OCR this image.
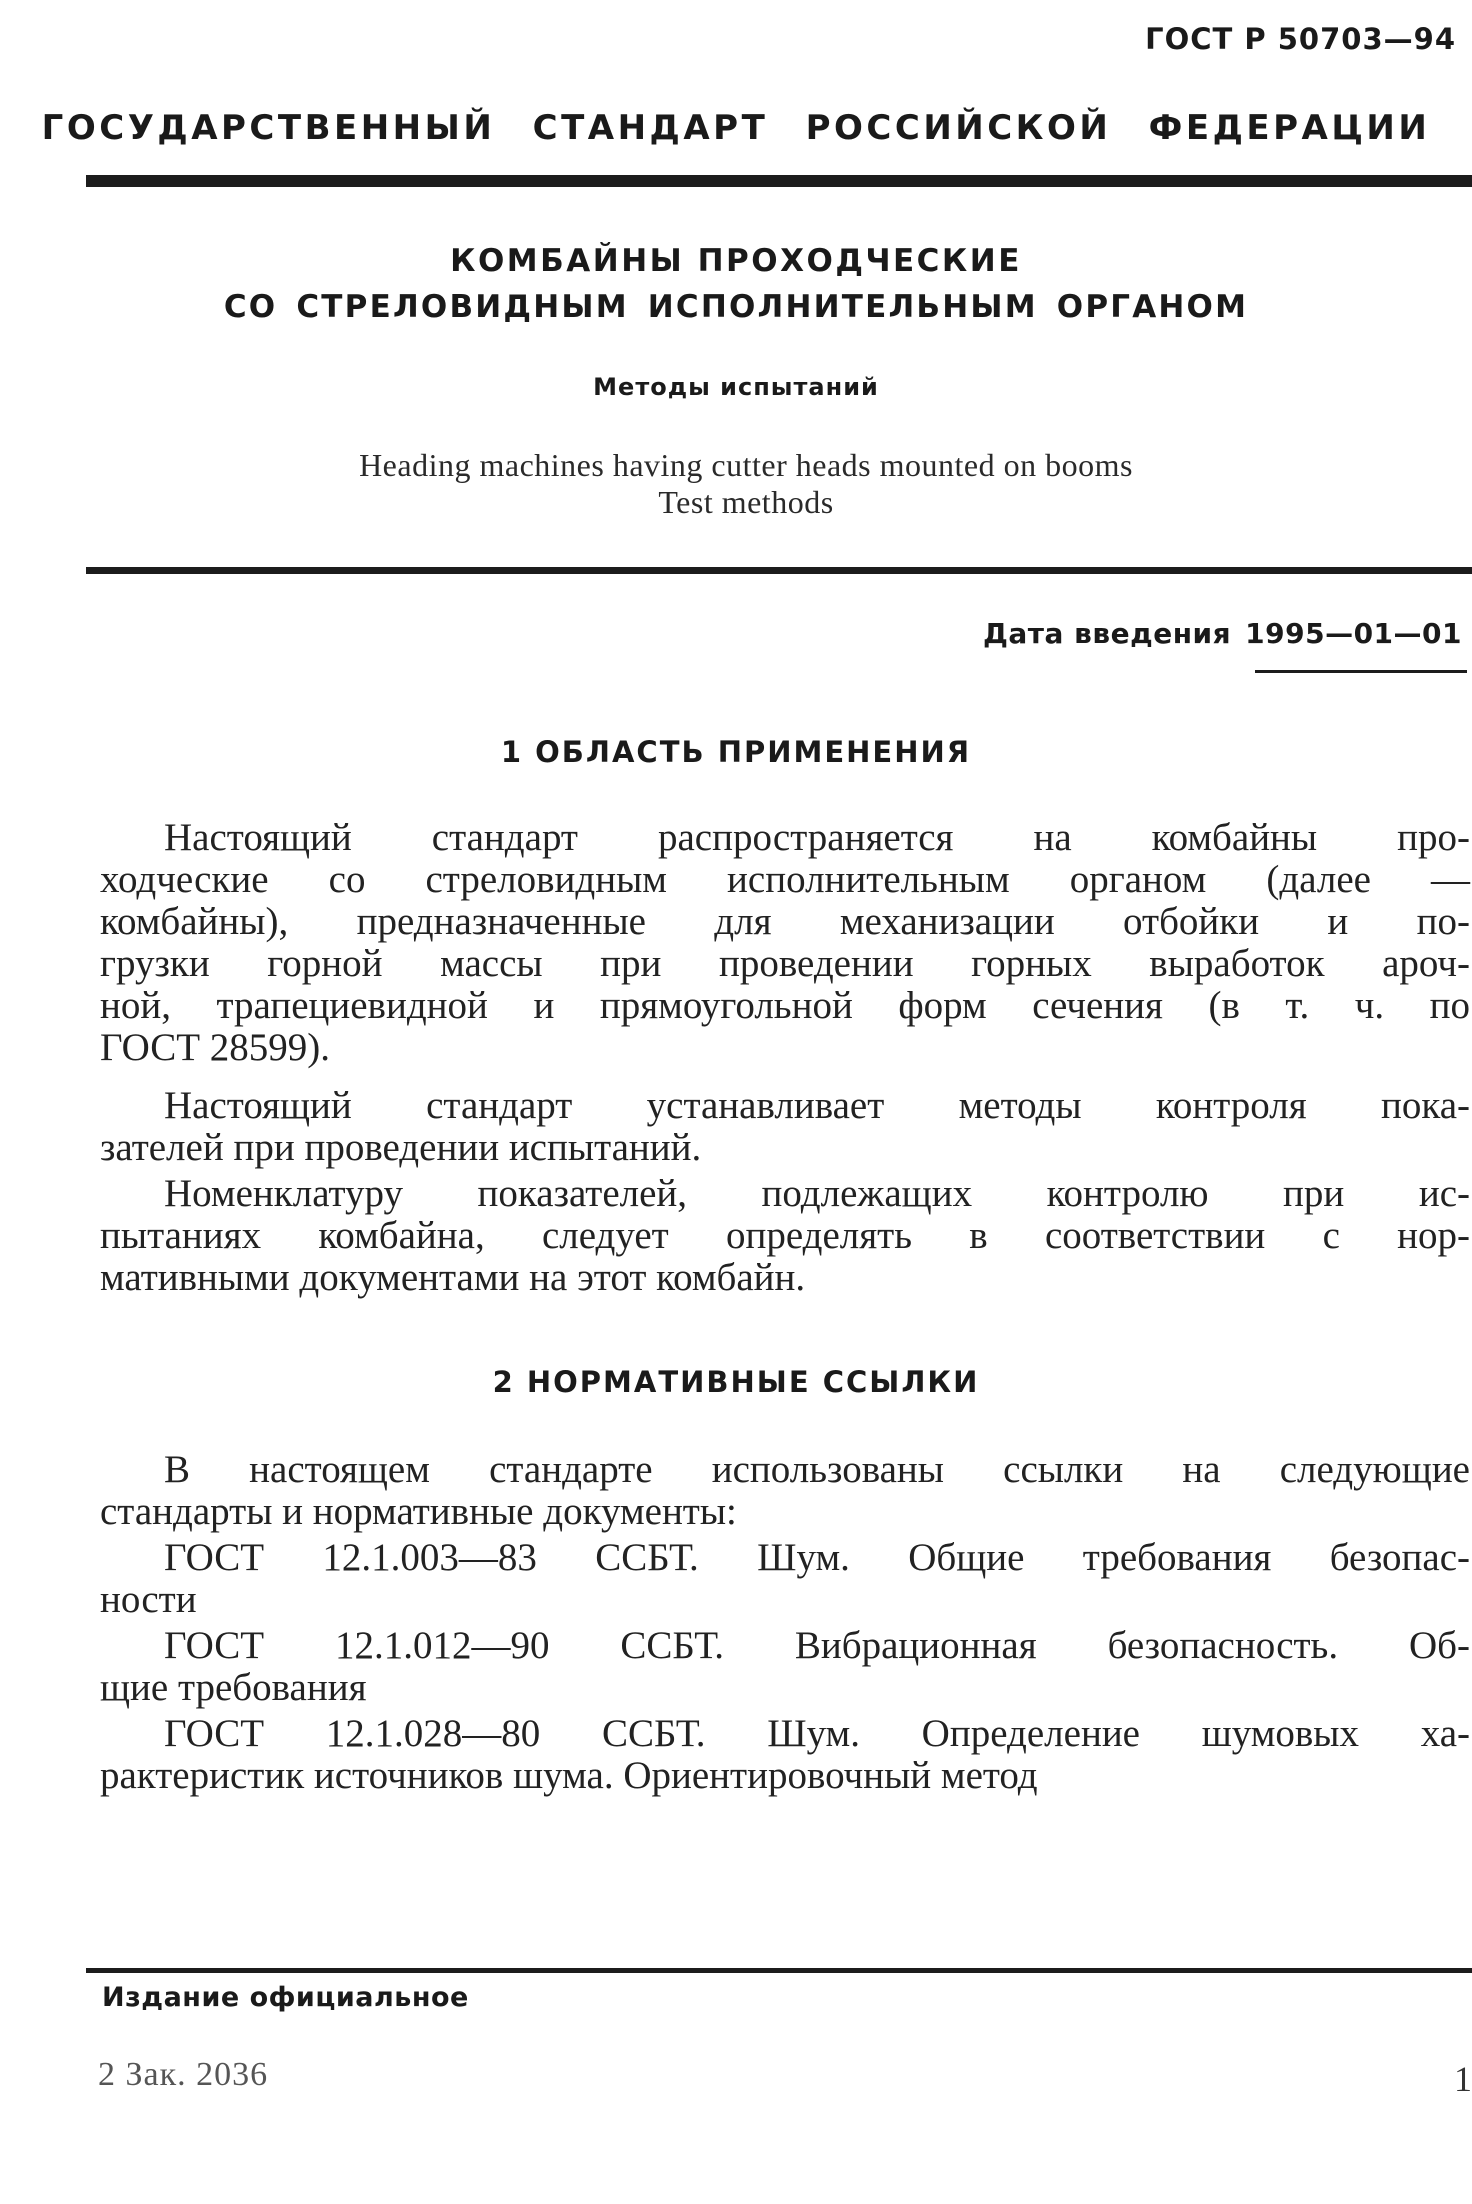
ГОСТ Р 50703—94
ГОСУДАРСТВЕННЫЙ СТАНДАРТ РОССИЙСКОЙ ФЕДЕРАЦИИ
КОМБАЙНЫ ПРОХОДЧЕСКИЕ
СО СТРЕЛОВИДНЫМ ИСПОЛНИТЕЛЬНЫМ ОРГАНОМ
Методы испытаний
Heading machines having cutter heads mounted on booms
Test methods
Дата введения 1995—01—01
1 ОБЛАСТЬ ПРИМЕНЕНИЯ
Настоящий стандарт распространяется на комбайны про-
ходческие со стреловидным исполнительным органом (далее —
комбайны), предназначенные для механизации отбойки и по-
грузки горной массы при проведении горных выработок aроч-
ной, трапециевидной и прямоугольной форм сечения (в т. ч. по
ГОСТ 28599).
Настоящий стандарт устанавливает методы контроля пока-
зателей при проведении испытаний.
Номенклатуру показателей, подлежащих контролю при ис-
пытаниях комбайна, следует определять в соответствии с нор-
мативными документами на этот комбайн.
2 НОРМАТИВНЫЕ ССЫЛКИ
В настоящем стандарте использованы ссылки на следующие
стандарты и нормативные документы:
ГОСТ 12.1.003—83 ССБТ. Шум. Общие требования безопас-
ности
ГОСТ 12.1.012—90 ССБТ. Вибрационная безопасность. Об-
щие требования
ГОСТ 12.1.028—80 ССБТ. Шум. Определение шумовых ха-
рактеристик источников шума. Ориентировочный метод
Издание официальное
2 Зак. 2036	1
